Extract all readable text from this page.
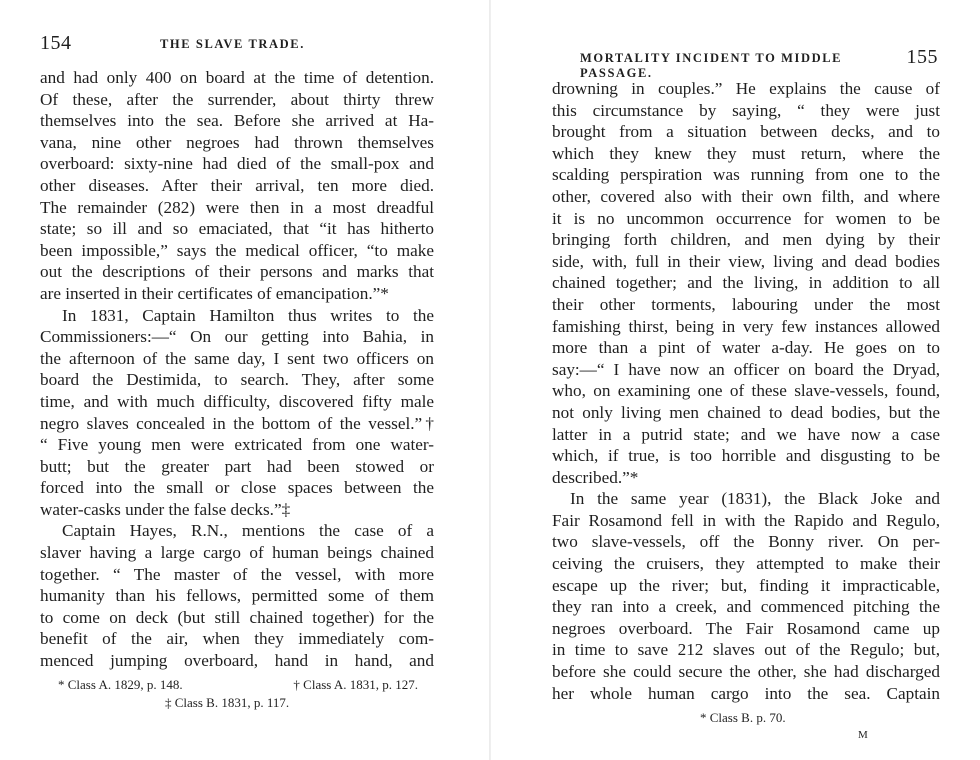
154	THE SLAVE TRADE.
MORTALITY INCIDENT TO MIDDLE PASSAGE.
155
and had only 400 on board at the time of detention.
Of these, after the surrender, about thirty threw
themselves into the sea. Before she arrived at Ha-
vana, nine other negroes had thrown themselves
overboard: sixty-nine had died of the small-pox and
other diseases. After their arrival, ten more died.
The remainder (282) were then in a most dreadful
state; so ill and so emaciated, that “it has hitherto
been impossible,” says the medical officer, “to make
out the descriptions of their persons and marks that
are inserted in their certificates of emancipation.”*
In 1831, Captain Hamilton thus writes to the
Commissioners:—“ On our getting into Bahia, in
the afternoon of the same day, I sent two officers on
board the Destimida, to search. They, after some
time, and with much difficulty, discovered fifty male
negro slaves concealed in the bottom of the vessel.”†
“ Five young men were extricated from one water-
butt; but the greater part had been stowed or
forced into the small or close spaces between the
water-casks under the false decks.”‡
Captain Hayes, R.N., mentions the case of a
slaver having a large cargo of human beings chained
together. “ The master of the vessel, with more
humanity than his fellows, permitted some of them
to come on deck (but still chained together) for the
benefit of the air, when they immediately com-
menced jumping overboard, hand in hand, and
* Class A. 1829, p. 148.	† Class A. 1831, p. 127.
‡ Class B. 1831, p. 117.
drowning in couples.” He explains the cause of
this circumstance by saying, “ they were just
brought from a situation between decks, and to
which they knew they must return, where the
scalding perspiration was running from one to the
other, covered also with their own filth, and where
it is no uncommon occurrence for women to be
bringing forth children, and men dying by their
side, with, full in their view, living and dead bodies
chained together; and the living, in addition to all
their other torments, labouring under the most
famishing thirst, being in very few instances allowed
more than a pint of water a-day. He goes on to
say:—“ I have now an officer on board the Dryad,
who, on examining one of these slave-vessels, found,
not only living men chained to dead bodies, but the
latter in a putrid state; and we have now a case
which, if true, is too horrible and disgusting to be
described.”*
In the same year (1831), the Black Joke and
Fair Rosamond fell in with the Rapido and Regulo,
two slave-vessels, off the Bonny river. On per-
ceiving the cruisers, they attempted to make their
escape up the river; but, finding it impracticable,
they ran into a creek, and commenced pitching the
negroes overboard. The Fair Rosamond came up
in time to save 212 slaves out of the Regulo; but,
before she could secure the other, she had discharged
her whole human cargo into the sea. Captain
* Class B. p. 70.
M
